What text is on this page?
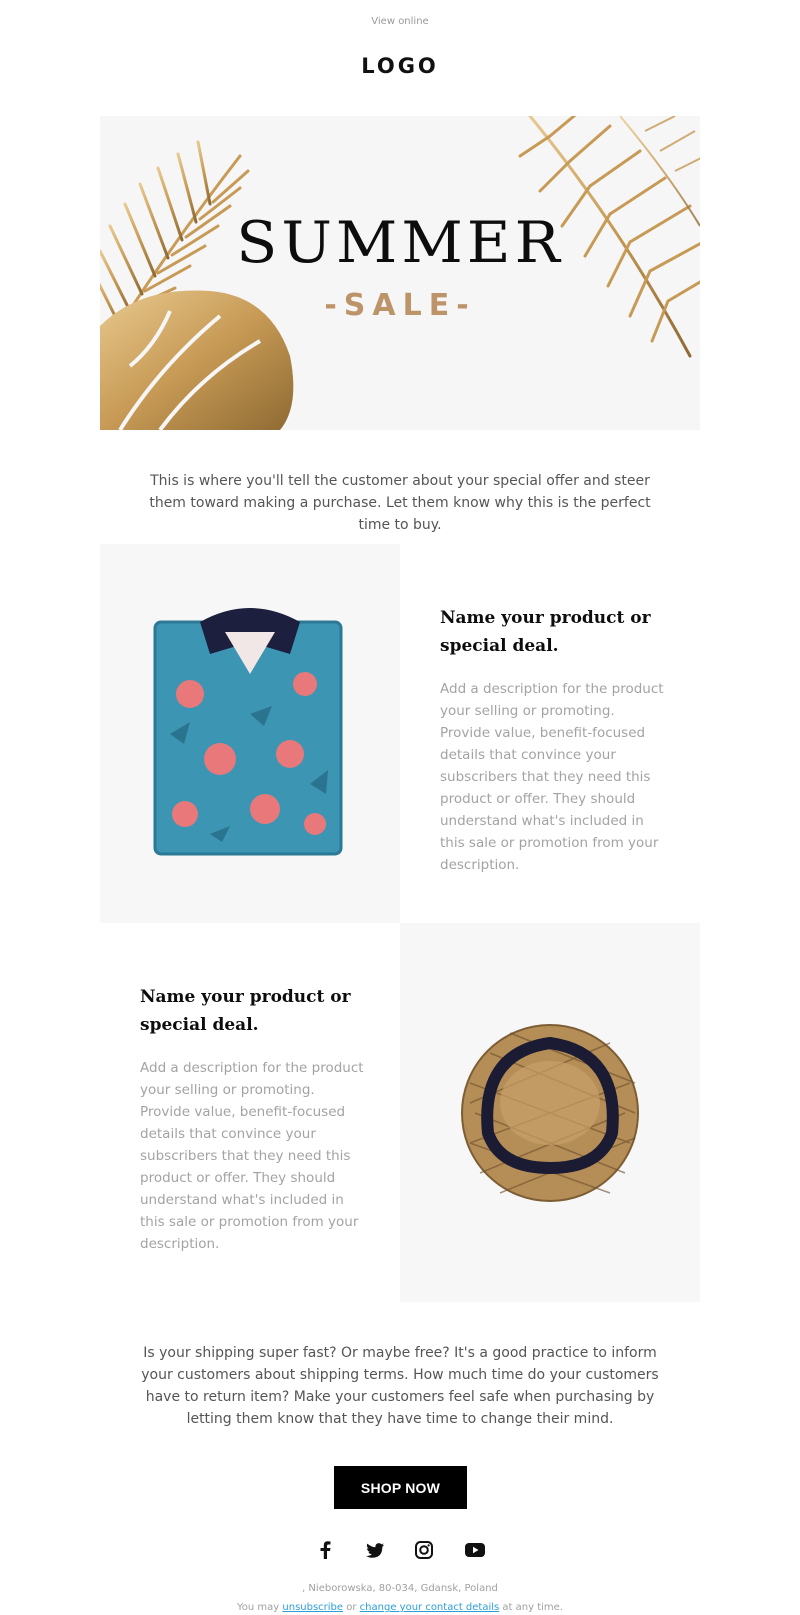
View online
LOGO
SUMMER
-SALE-
This is where you'll tell the customer about your special offer and steer them toward making a purchase. Let them know why this is the perfect time to buy.
Name your product or special deal.
Add a description for the product your selling or promoting. Provide value, benefit-focused details that convince your subscribers that they need this product or offer. They should understand what's included in this sale or promotion from your description.
Name your product or special deal.
Add a description for the product your selling or promoting. Provide value, benefit-focused details that convince your subscribers that they need this product or offer. They should understand what's included in this sale or promotion from your description.
Is your shipping super fast? Or maybe free? It's a good practice to inform your customers about shipping terms. How much time do your customers have to return item? Make your customers feel safe when purchasing by letting them know that they have time to change their mind.
SHOP NOW
, Nieborowska, 80-034, Gdansk, Poland
You may unsubscribe or change your contact details at any time.
